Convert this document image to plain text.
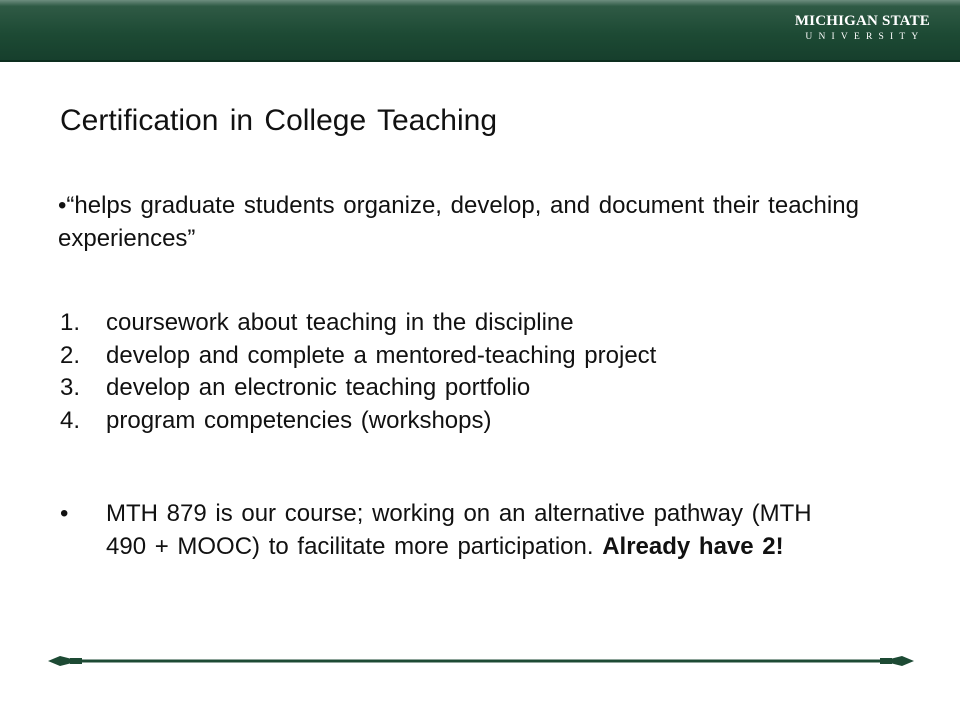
MICHIGAN STATE
UNIVERSITY
Certification in College Teaching

•“helps graduate students organize, develop, and document their teaching experiences”

1. coursework about teaching in the discipline
2. develop and complete a mentored-teaching project
3. develop an electronic teaching portfolio
4. program competencies (workshops)
• MTH 879 is our course; working on an alternative pathway (MTH 490 + MOOC) to facilitate more participation. Already have 2!
